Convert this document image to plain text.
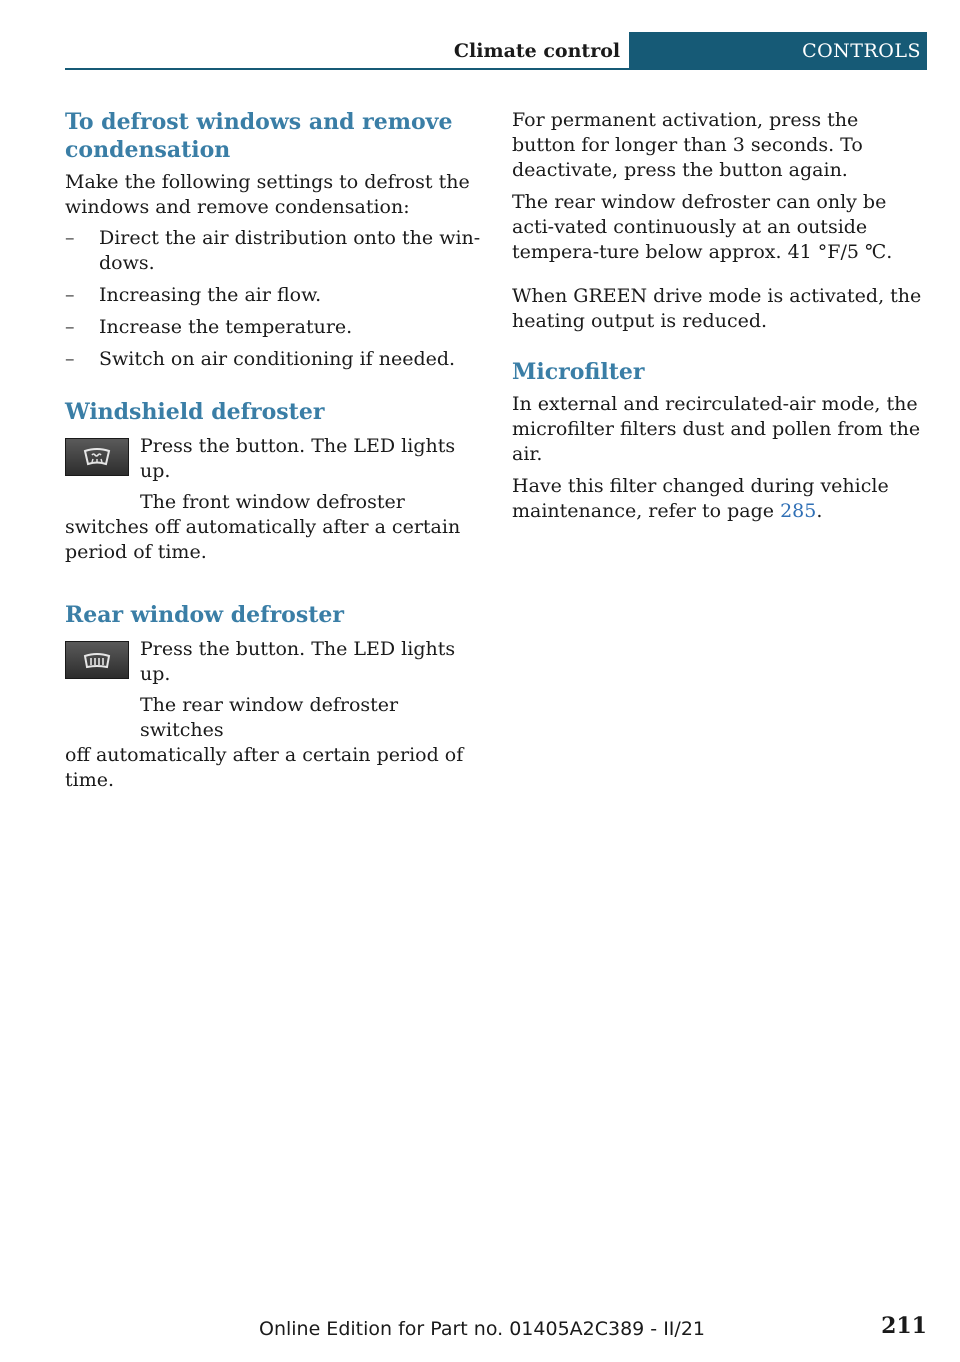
Climate control	CONTROLS
To defrost windows and remove condensation

Make the following settings to defrost the windows and remove condensation:

– Direct the air distribution onto the win‐dows.
– Increasing the air flow.
– Increase the temperature.
– Switch on air conditioning if needed.
Windshield defroster

Press the button. The LED lights up.

The front window defroster

switches off automatically after a certain period of time.

Rear window defroster

Press the button. The LED lights up.

The rear window defroster switches

off automatically after a certain period of time.

For permanent activation, press the button for longer than 3 seconds. To deactivate, press the button again.

The rear window defroster can only be acti‐vated continuously at an outside tempera‐ture below approx. 41 °F/5 ℃.

When GREEN drive mode is activated, the heating output is reduced.

Microfilter

In external and recirculated-air mode, the microfilter filters dust and pollen from the air.

Have this filter changed during vehicle maintenance, refer to page 285.

Online Edition for Part no. 01405A2C389 - II/21	211
